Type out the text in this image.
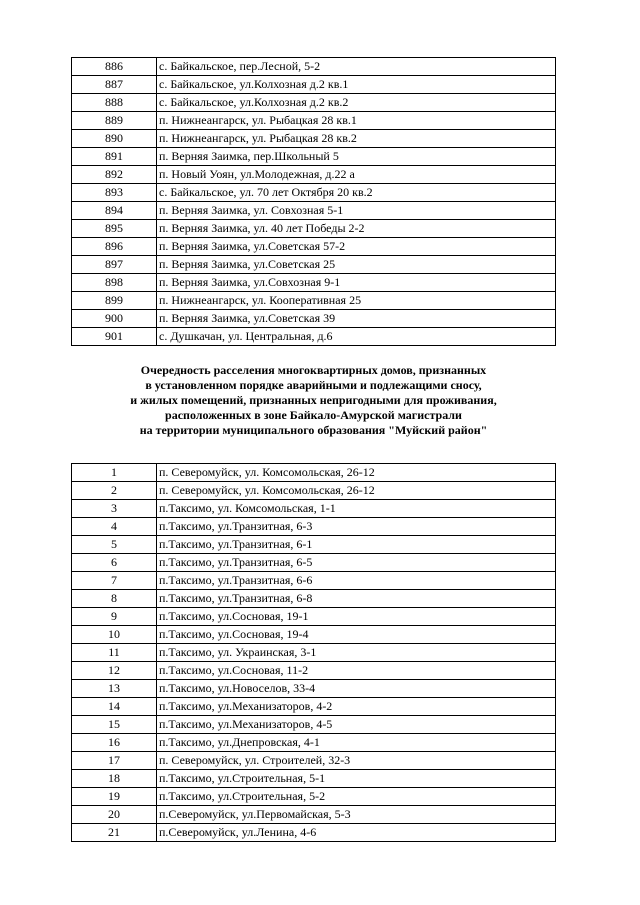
886	с. Байкальское, пер.Лесной, 5-2
887	с. Байкальское, ул.Колхозная д.2 кв.1
888	с. Байкальское, ул.Колхозная д.2 кв.2
889	п. Нижнеангарск, ул. Рыбацкая 28 кв.1
890	п. Нижнеангарск, ул. Рыбацкая 28 кв.2
891	п. Верняя Заимка, пер.Школьный 5
892	п. Новый Уоян, ул.Молодежная, д.22 а
893	с. Байкальское, ул. 70 лет Октября 20 кв.2
894	п. Верняя Заимка, ул. Совхозная 5-1
895	п. Верняя Заимка, ул. 40 лет Победы 2-2
896	п. Верняя Заимка, ул.Советская 57-2
897	п. Верняя Заимка, ул.Советская 25
898	п. Верняя Заимка, ул.Совхозная 9-1
899	п. Нижнеангарск, ул. Кооперативная 25
900	п. Верняя Заимка, ул.Советская 39
901	с. Душкачан, ул. Центральная, д.6
Очередность расселения многоквартирных домов, признанных
в установленном порядке аварийными и подлежащими сносу,
и жилых помещений, признанных непригодными для проживания,
расположенных в зоне Байкало-Амурской магистрали
на территории муниципального образования "Муйский район"
1	п. Северомуйск, ул. Комсомольская, 26-12
2	п. Северомуйск, ул. Комсомольская, 26-12
3	п.Таксимо, ул. Комсомольская, 1-1
4	п.Таксимо, ул.Транзитная, 6-3
5	п.Таксимо, ул.Транзитная, 6-1
6	п.Таксимо, ул.Транзитная, 6-5
7	п.Таксимо, ул.Транзитная, 6-6
8	п.Таксимо, ул.Транзитная, 6-8
9	п.Таксимо, ул.Сосновая, 19-1
10	п.Таксимо, ул.Сосновая, 19-4
11	п.Таксимо, ул. Украинская, 3-1
12	п.Таксимо, ул.Сосновая, 11-2
13	п.Таксимо, ул.Новоселов, 33-4
14	п.Таксимо, ул.Механизаторов, 4-2
15	п.Таксимо, ул.Механизаторов, 4-5
16	п.Таксимо, ул.Днепровская, 4-1
17	п. Северомуйск, ул. Строителей, 32-3
18	п.Таксимо, ул.Строительная, 5-1
19	п.Таксимо, ул.Строительная, 5-2
20	п.Северомуйск, ул.Первомайская, 5-3
21	п.Северомуйск, ул.Ленина, 4-6
